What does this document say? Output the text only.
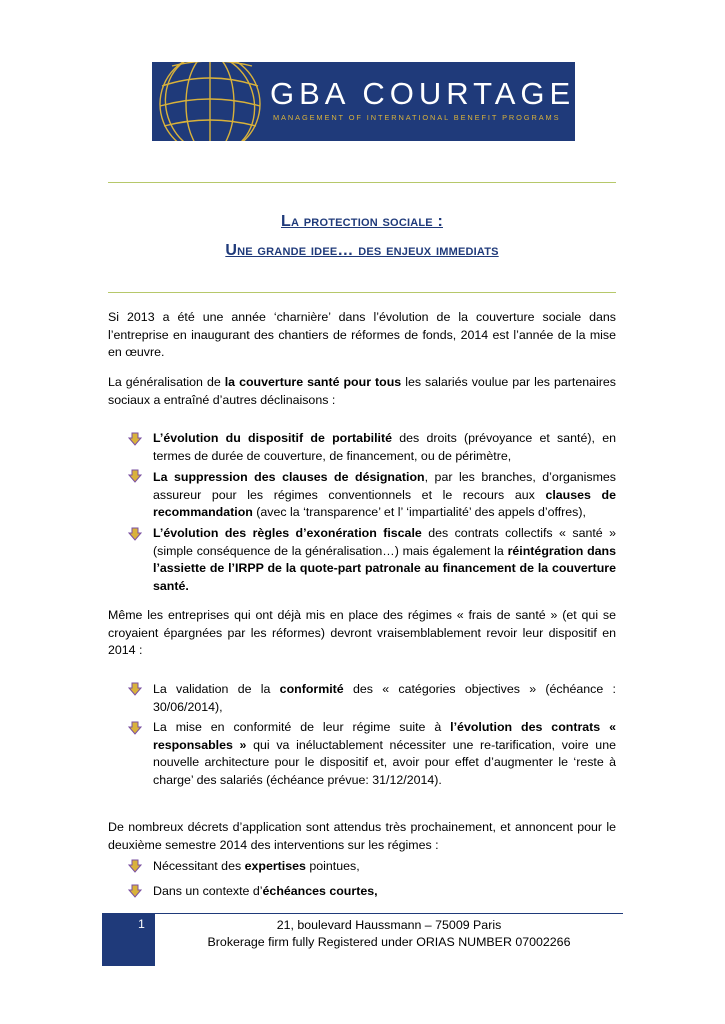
GBA COURTAGE
MANAGEMENT OF INTERNATIONAL BENEFIT PROGRAMS
La protection sociale :
Une grande idee… des enjeux immediats
Si 2013 a été une année ‘charnière’ dans l’évolution de la couverture sociale dans l’entreprise en inaugurant des chantiers de réformes de fonds, 2014 est l’année de la mise en œuvre.
La généralisation de la couverture santé pour tous les salariés voulue par les partenaires sociaux a entraîné d’autres déclinaisons :
L’évolution du dispositif de portabilité des droits (prévoyance et santé), en termes de durée de couverture, de financement, ou de périmètre,
La suppression des clauses de désignation, par les branches, d’organismes assureur pour les régimes conventionnels et le recours aux clauses de recommandation (avec la ‘transparence’ et l’ ‘impartialité’ des appels d’offres),
L’évolution des règles d’exonération fiscale des contrats collectifs « santé » (simple conséquence de la généralisation…) mais également la réintégration dans l’assiette de l’IRPP de la quote-part patronale au financement de la couverture santé.
Même les entreprises qui ont déjà mis en place des régimes « frais de santé » (et qui se croyaient épargnées par les réformes) devront vraisemblablement revoir leur dispositif en 2014 :
La validation de la conformité des « catégories objectives » (échéance : 30/06/2014),
La mise en conformité de leur régime suite à l’évolution des contrats « responsables » qui va inéluctablement nécessiter une re-tarification, voire une nouvelle architecture pour le dispositif et, avoir pour effet d’augmenter le ‘reste à charge’ des salariés (échéance prévue: 31/12/2014).
De nombreux décrets d’application sont attendus très prochainement, et annoncent pour le deuxième semestre 2014 des interventions sur les régimes :
Nécessitant des expertises pointues,
Dans un contexte d’échéances courtes,
1	21, boulevard Haussmann – 75009 Paris
Brokerage firm fully Registered under ORIAS NUMBER 07002266
